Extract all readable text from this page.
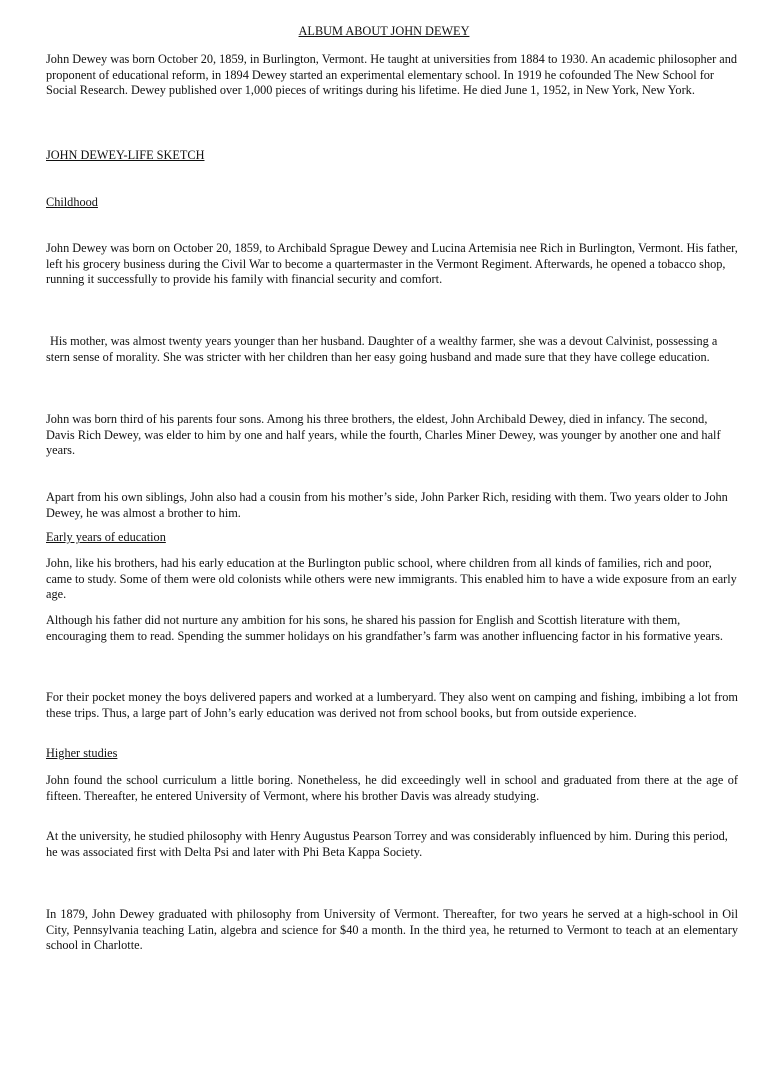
ALBUM ABOUT JOHN DEWEY

John Dewey was born October 20, 1859, in Burlington, Vermont. He taught at universities from 1884 to 1930. An academic philosopher and proponent of educational reform, in 1894 Dewey started an experimental elementary school. In 1919 he cofounded The New School for Social Research. Dewey published over 1,000 pieces of writings during his lifetime. He died June 1, 1952, in New York, New York.

JOHN DEWEY-LIFE SKETCH

Childhood

John Dewey was born on October 20, 1859, to Archibald Sprague Dewey and Lucina Artemisia nee Rich in Burlington, Vermont. His father, left his grocery business during the Civil War to become a quartermaster in the Vermont Regiment. Afterwards, he opened a tobacco shop, running it successfully to provide his family with financial security and comfort.

His mother, was almost twenty years younger than her husband. Daughter of a wealthy farmer, she was a devout Calvinist, possessing a stern sense of morality. She was stricter with her children than her easy going husband and made sure that they have college education.

John was born third of his parents four sons. Among his three brothers, the eldest, John Archibald Dewey, died in infancy. The second, Davis Rich Dewey, was elder to him by one and half years, while the fourth, Charles Miner Dewey, was younger by another one and half years.

Apart from his own siblings, John also had a cousin from his mother’s side, John Parker Rich, residing with them. Two years older to John Dewey, he was almost a brother to him.

Early years of education

John, like his brothers, had his early education at the Burlington public school, where children from all kinds of families, rich and poor, came to study. Some of them were old colonists while others were new immigrants. This enabled him to have a wide exposure from an early age.

Although his father did not nurture any ambition for his sons, he shared his passion for English and Scottish literature with them, encouraging them to read. Spending the summer holidays on his grandfather’s farm was another influencing factor in his formative years.

For their pocket money the boys delivered papers and worked at a lumberyard. They also went on camping and fishing, imbibing a lot from these trips. Thus, a large part of John’s early education was derived not from school books, but from outside experience.

Higher studies

John found the school curriculum a little boring. Nonetheless, he did exceedingly well in school and graduated from there at the age of fifteen. Thereafter, he entered University of Vermont, where his brother Davis was already studying.

At the university, he studied philosophy with Henry Augustus Pearson Torrey and was considerably influenced by him. During this period, he was associated first with Delta Psi and later with Phi Beta Kappa Society.

In 1879, John Dewey graduated with philosophy from University of Vermont. Thereafter, for two years he served at a high-school in Oil City, Pennsylvania teaching Latin, algebra and science for $40 a month. In the third yea, he returned to Vermont to teach at an elementary school in Charlotte.
